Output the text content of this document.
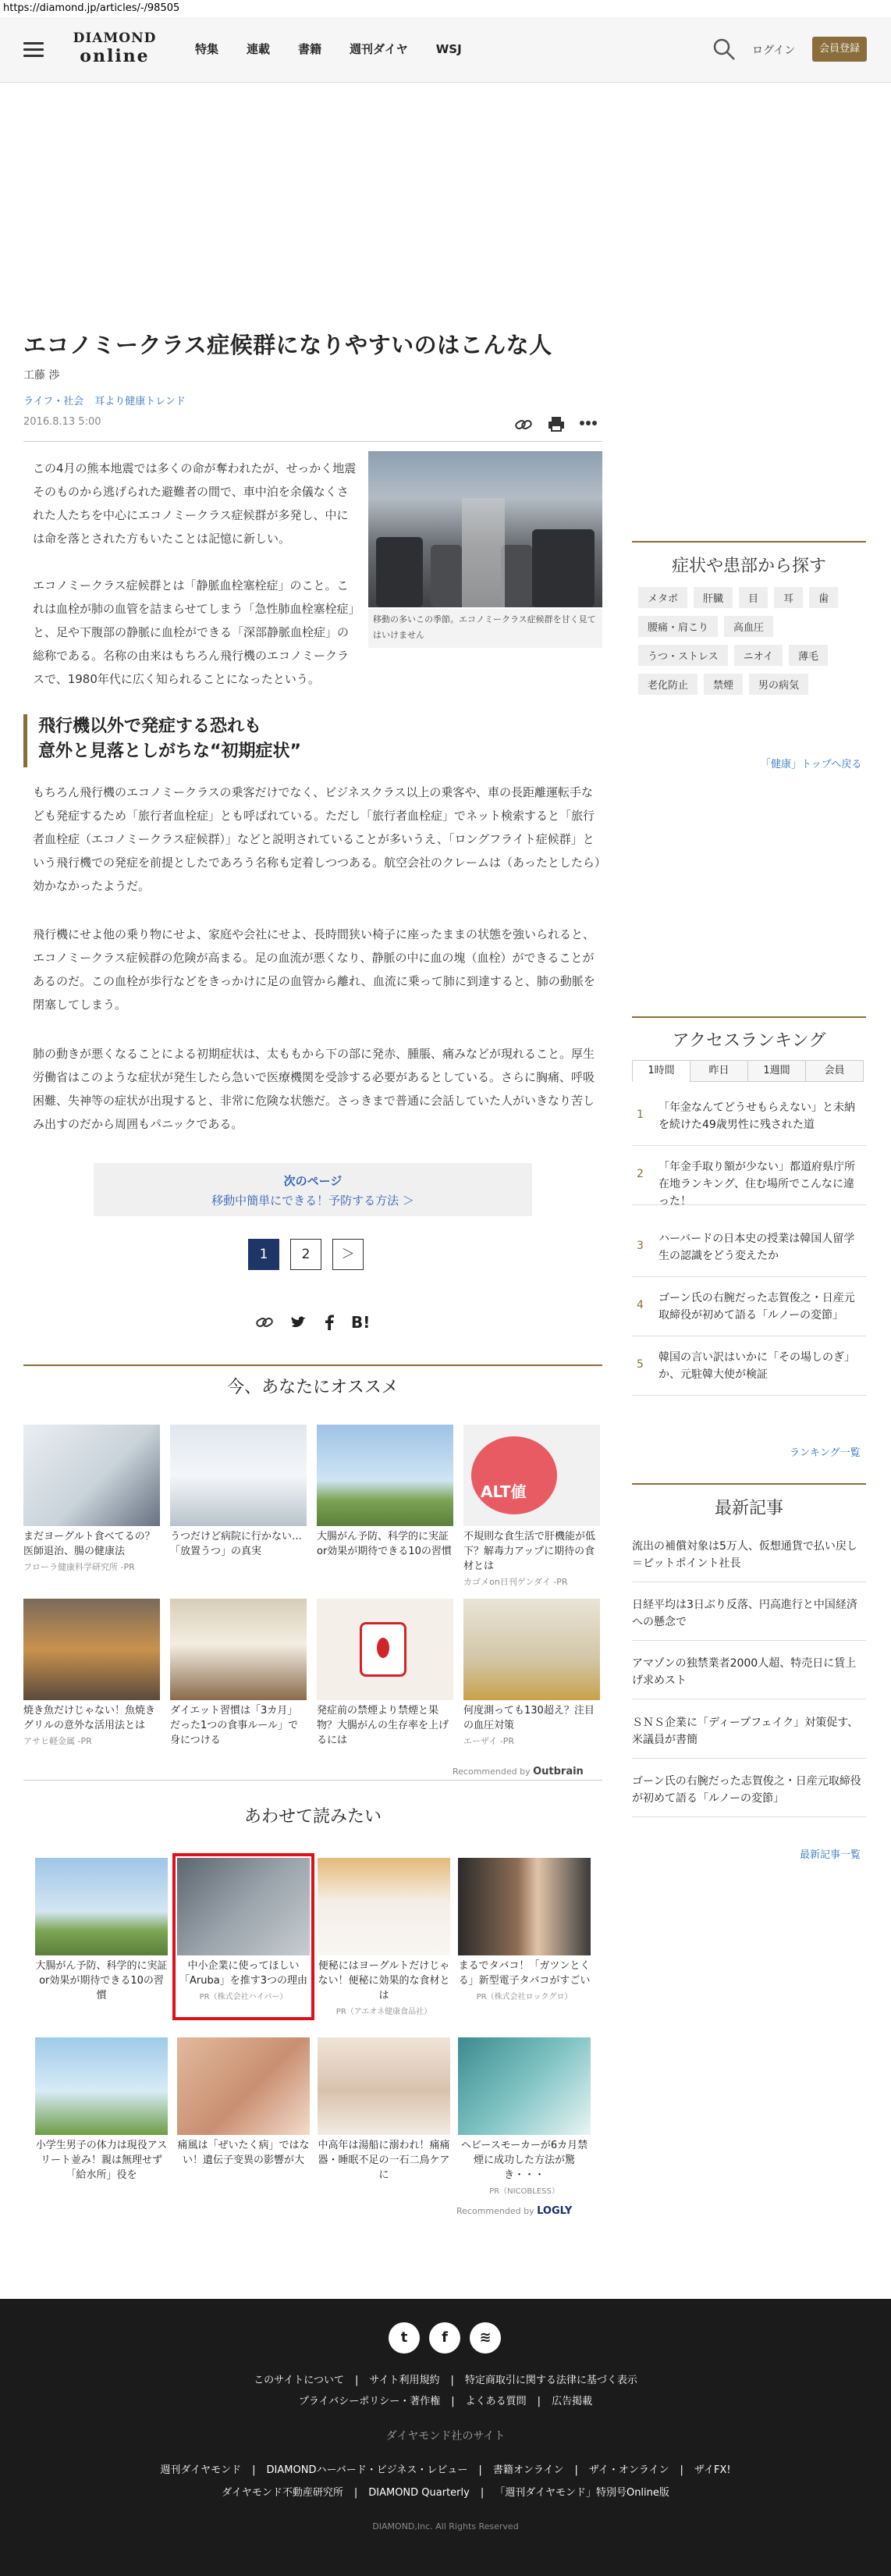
https://diamond.jp/articles/-/98505
DIAMOND
online	特集 連載 書籍 週刊ダイヤ WSJ	ログイン	会員登録
エコノミークラス症候群になりやすいのはこんな人
工藤 渉
ライフ・社会 耳より健康トレンド
2016.8.13 5:00

この4月の熊本地震では多くの命が奪われたが、せっかく地震そのものから逃げられた避難者の間で、車中泊を余儀なくされた人たちを中心にエコノミークラス症候群が多発し、中には命を落とされた方もいたことは記憶に新しい。

エコノミークラス症候群とは「静脈血栓塞栓症」のこと。これは血栓が肺の血管を詰まらせてしまう「急性肺血栓塞栓症」と、足や下腹部の静脈に血栓ができる「深部静脈血栓症」の総称である。名称の由来はもちろん飛行機のエコノミークラスで、1980年代に広く知られることになったという。

移動の多いこの季節。エコノミークラス症候群を甘く見てはいけません
飛行機以外で発症する恐れも
意外と見落としがちな“初期症状”

もちろん飛行機のエコノミークラスの乗客だけでなく、ビジネスクラス以上の乗客や、車の長距離運転手なども発症するため「旅行者血栓症」とも呼ばれている。ただし「旅行者血栓症」でネット検索すると「旅行者血栓症（エコノミークラス症候群）」などと説明されていることが多いうえ、「ロングフライト症候群」という飛行機での発症を前提としたであろう名称も定着しつつある。航空会社のクレームは（あったとしたら）効かなかったようだ。

飛行機にせよ他の乗り物にせよ、家庭や会社にせよ、長時間狭い椅子に座ったままの状態を強いられると、エコノミークラス症候群の危険が高まる。足の血流が悪くなり、静脈の中に血の塊（血栓）ができることがあるのだ。この血栓が歩行などをきっかけに足の血管から離れ、血流に乗って肺に到達すると、肺の動脈を閉塞してしまう。

肺の動きが悪くなることによる初期症状は、太ももから下の部に発赤、腫脹、痛みなどが現れること。厚生労働省はこのような症状が発生したら急いで医療機関を受診する必要があるとしている。さらに胸痛、呼吸困難、失神等の症状が出現すると、非常に危険な状態だ。さっきまで普通に会話していた人がいきなり苦しみ出すのだから周囲もパニックである。

次のページ
移動中簡単にできる！予防する方法 ＞
1	2 ＞
B!
今、あなたにオススメ
まだヨーグルト食べてるの？医師退治、腸の健康法
フローラ健康科学研究所 -PR
うつだけど病院に行かない…「放置うつ」の真実
大腸がん予防、科学的に実証or効果が期待できる10の習慣
ALT値
不規則な食生活で肝機能が低下？解毒力アップに期待の食材とは
カゴメon日刊ゲンダイ -PR
焼き魚だけじゃない！魚焼きグリルの意外な活用法とは
アサヒ軽金属 -PR
ダイエット習慣は「3カ月」だった1つの食事ルール」で身につける
発症前の禁煙より禁煙と果物？大腸がんの生存率を上げるには
何度測っても130超え？注目の血圧対策
エーザイ -PR
Recommended by Outbrain
あわせて読みたい
大腸がん予防、科学的に実証or効果が期待できる10の習慣
中小企業に使ってほしい「Aruba」を推す3つの理由
PR（株式会社ハイパー）
便秘にはヨーグルトだけじゃない！便秘に効果的な食材とは
PR（アエオネ健康食品社）
まるでタバコ！「ガツンとくる」新型電子タバコがすごい
PR（株式会社ロックグロ）
小学生男子の体力は現役アスリート並み！親は無理せず「給水所」役を
痛風は「ぜいたく病」ではない！遺伝子变異の影響が大
中高年は湯船に溺われ！痛痛器・睡眠不足の一石二鳥ケアに
ヘビースモーカーが6カ月禁煙に成功した方法が驚き・・・
PR（NICOBLESS）
Recommended by LOGLY
症状や患部から探す
メタボ 肝臓 目 耳 歯腰痛・肩こり 高血圧うつ・ストレス ニオイ 薄毛老化防止 禁煙 男の病気
「健康」トップへ戻る
アクセスランキング
1時間	昨日	1週間	会員
1
「年金なんてどうせもらえない」と未納を続けた49歳男性に残された道
2
「年金手取り額が少ない」都道府県庁所在地ランキング、住む場所でこんなに違った！
3
ハーバードの日本史の授業は韓国人留学生の認識をどう変えたか
4
ゴーン氏の右腕だった志賀俊之・日産元取締役が初めて語る「ルノーの変節」
5
韓国の言い訳はいかに「その場しのぎ」か、元駐韓大使が検証
ランキング一覧
最新記事
流出の補償対象は5万人、仮想通貨で払い戻し＝ビットポイント社長
日経平均は3日ぶり反落、円高進行と中国経済への懸念で
アマゾンの独禁業者2000人超、特売日に賃上げ求めスト
ＳＮＳ企業に「ディープフェイク」対策促す、米議員が書簡
ゴーン氏の右腕だった志賀俊之・日産元取締役が初めて語る「ルノーの変節」
最新記事一覧
t	f	≋
このサイトについて | サイト利用規約 | 特定商取引に関する法律に基づく表示
プライバシーポリシー・著作権 | よくある質問 | 広告掲載
ダイヤモンド社のサイト
週刊ダイヤモンド | DIAMONDハーバード・ビジネス・レビュー | 書籍オンライン | ザイ・オンライン | ザイFX!
ダイヤモンド不動産研究所 | DIAMOND Quarterly | 「週刊ダイヤモンド」特別号Online版
DIAMOND,Inc. All Rights Reserved
